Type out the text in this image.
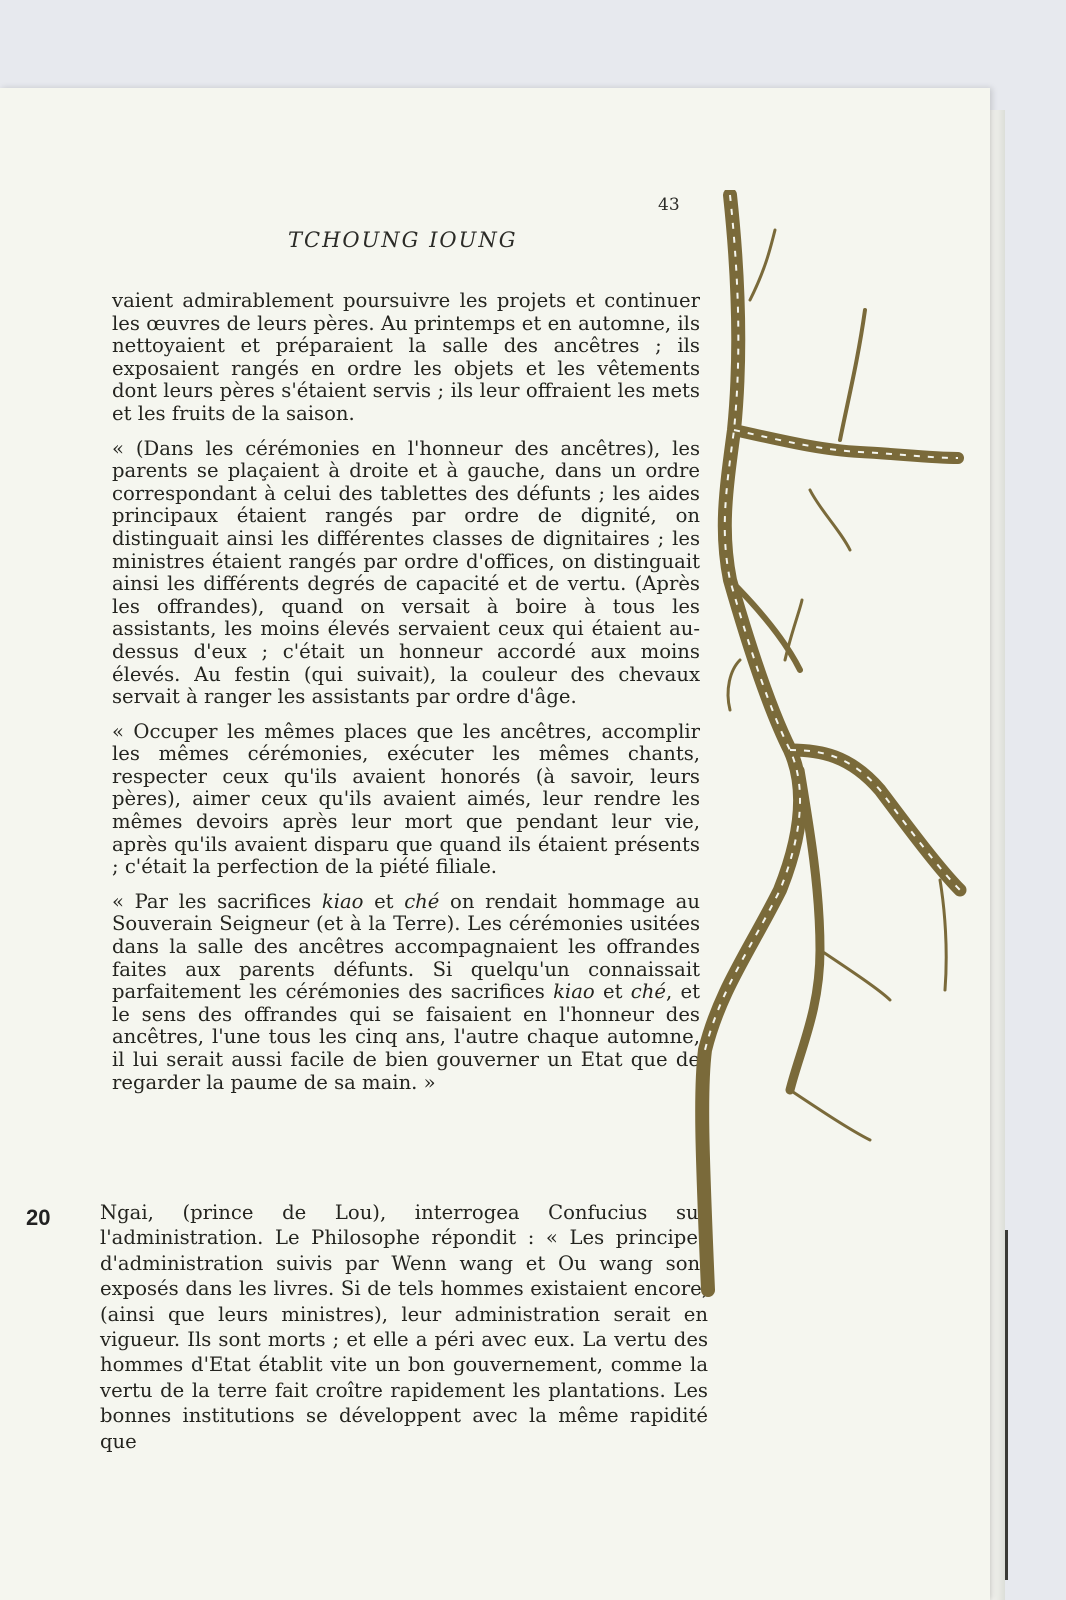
43
TCHOUNG IOUNG

vaient admirablement poursuivre les projets et continuer les œuvres de leurs pères. Au printemps et en automne, ils nettoyaient et préparaient la salle des ancêtres ; ils exposaient rangés en ordre les objets et les vêtements dont leurs pères s'étaient servis ; ils leur offraient les mets et les fruits de la saison.

« (Dans les cérémonies en l'honneur des ancêtres), les parents se plaçaient à droite et à gauche, dans un ordre correspondant à celui des tablettes des défunts ; les aides principaux étaient rangés par ordre de dignité, on distinguait ainsi les différentes classes de dignitaires ; les ministres étaient rangés par ordre d'offices, on distinguait ainsi les différents degrés de capacité et de vertu. (Après les offrandes), quand on versait à boire à tous les assistants, les moins élevés servaient ceux qui étaient au-dessus d'eux ; c'était un honneur accordé aux moins élevés. Au festin (qui suivait), la couleur des chevaux servait à ranger les assistants par ordre d'âge.

« Occuper les mêmes places que les ancêtres, accomplir les mêmes cérémonies, exécuter les mêmes chants, respecter ceux qu'ils avaient honorés (à savoir, leurs pères), aimer ceux qu'ils avaient aimés, leur rendre les mêmes devoirs après leur mort que pendant leur vie, après qu'ils avaient disparu que quand ils étaient présents ; c'était la perfection de la piété filiale.

« Par les sacrifices kiao et ché on rendait hommage au Souverain Seigneur (et à la Terre). Les cérémonies usitées dans la salle des ancêtres accompagnaient les offrandes faites aux parents défunts. Si quelqu'un connaissait parfaitement les cérémonies des sacrifices kiao et ché, et le sens des offrandes qui se faisaient en l'honneur des ancêtres, l'une tous les cinq ans, l'autre chaque automne, il lui serait aussi facile de bien gouverner un Etat que de regarder la paume de sa main. »

20	Ngai, (prince de Lou), interrogea Confucius sur l'administration. Le Philosophe répondit : « Les principes d'administration suivis par Wenn wang et Ou wang sont exposés dans les livres. Si de tels hommes existaient encore, (ainsi que leurs ministres), leur administration serait en vigueur. Ils sont morts ; et elle a péri avec eux. La vertu des hommes d'Etat établit vite un bon gouvernement, comme la vertu de la terre fait croître rapidement les plantations. Les bonnes institutions se développent avec la même rapidité que
